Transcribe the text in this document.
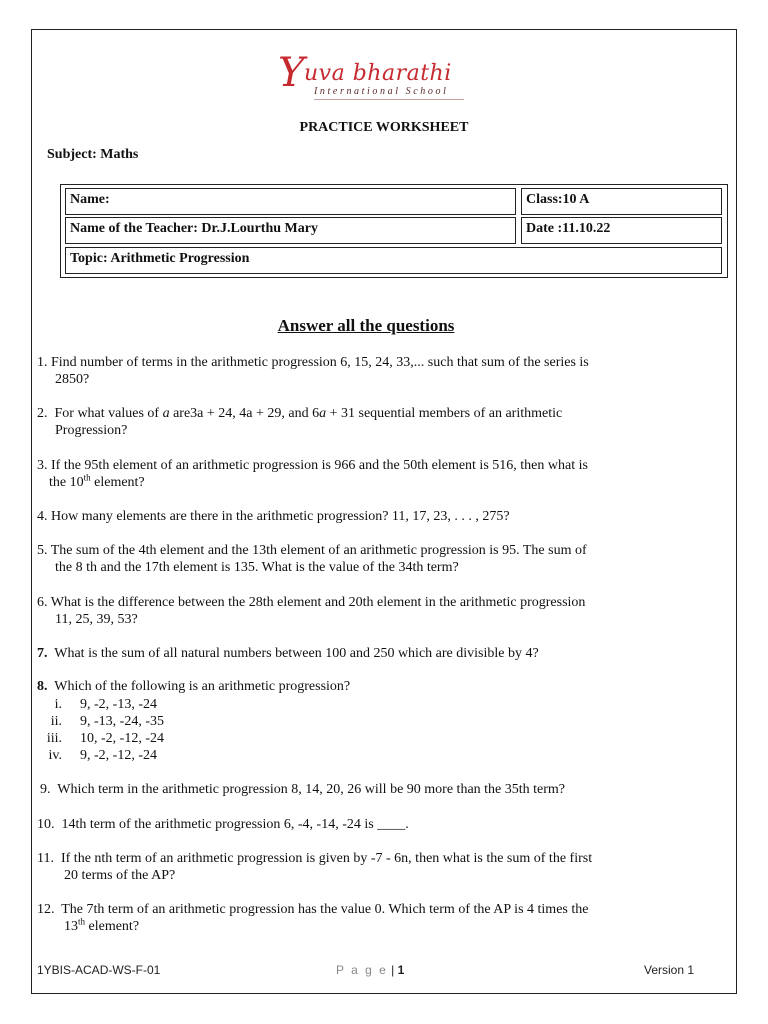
Y uva bharathi
International School
PRACTICE WORKSHEET
Subject: Maths
Name:	Class:10 A
Name of the Teacher: Dr.J.Lourthu Mary	Date :11.10.22
Topic: Arithmetic Progression
Answer all the questions
1. Find number of terms in the arithmetic progression 6, 15, 24, 33,... such that sum of the series is
2850?
2. For what values of a are3a + 24, 4a + 29, and 6a + 31 sequential members of an arithmetic
Progression?
3. If the 95th element of an arithmetic progression is 966 and the 50th element is 516, then what is
the 10th element?
4. How many elements are there in the arithmetic progression? 11, 17, 23, . . . , 275?
5. The sum of the 4th element and the 13th element of an arithmetic progression is 95. The sum of
the 8 th and the 17th element is 135. What is the value of the 34th term?
6. What is the difference between the 28th element and 20th element in the arithmetic progression
11, 25, 39, 53?
7. What is the sum of all natural numbers between 100 and 250 which are divisible by 4?
8. Which of the following is an arithmetic progression?
i. 9, -2, -13, -24
ii. 9, -13, -24, -35
iii. 10, -2, -12, -24
iv. 9, -2, -12, -24
9. Which term in the arithmetic progression 8, 14, 20, 26 will be 90 more than the 35th term?
10. 14th term of the arithmetic progression 6, -4, -14, -24 is ____.
11. If the nth term of an arithmetic progression is given by -7 - 6n, then what is the sum of the first
20 terms of the AP?
12. The 7th term of an arithmetic progression has the value 0. Which term of the AP is 4 times the
13th element?
1YBIS-ACAD-WS-F-01	P a g e | 1	Version 1
